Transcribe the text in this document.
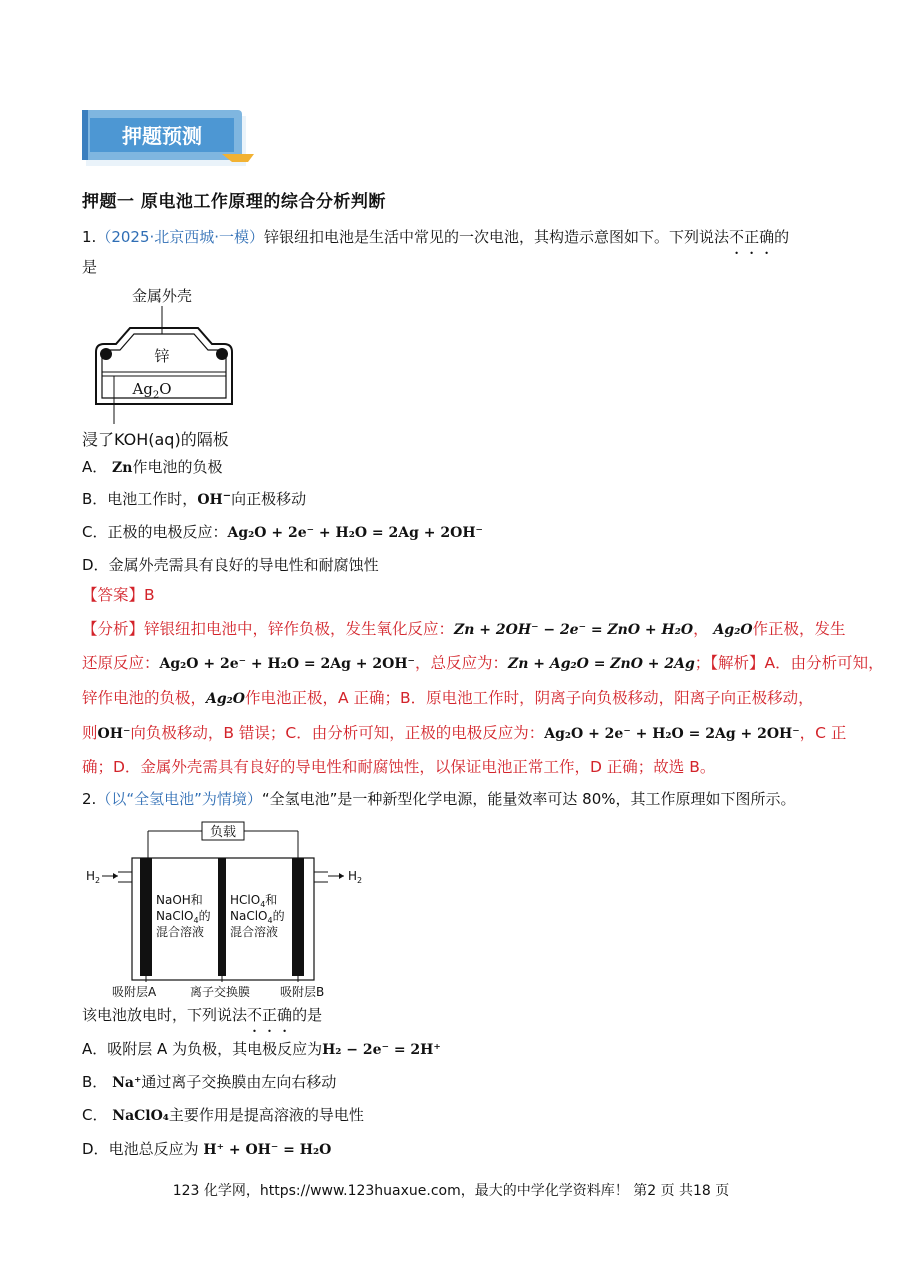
押题预测
押题一 原电池工作原理的综合分析判断
1.（2025·北京西城·一模）锌银纽扣电池是生活中常见的一次电池，其构造示意图如下。下列说法不正确的
是
金属外壳
锌
$Ag_2O$
浸了KOH(aq)的隔板
A． Zn作电池的负极
B．电池工作时，OH−向正极移动
C．正极的电极反应：Ag₂O + 2e⁻ + H₂O = 2Ag + 2OH⁻
D．金属外壳需具有良好的导电性和耐腐蚀性
【答案】B
【分析】锌银纽扣电池中，锌作负极，发生氧化反应：Zn + 2OH⁻ − 2e⁻ = ZnO + H₂O， Ag₂O作正极，发生
还原反应：Ag₂O + 2e⁻ + H₂O = 2Ag + 2OH⁻，总反应为：Zn + Ag₂O = ZnO + 2Ag；【解析】A．由分析可知，
锌作电池的负极，Ag₂O作电池正极，A 正确；B．原电池工作时，阴离子向负极移动，阳离子向正极移动，
则OH⁻向负极移动，B 错误；C．由分析可知，正极的电极反应为：Ag₂O + 2e⁻ + H₂O = 2Ag + 2OH⁻，C 正
确；D．金属外壳需具有良好的导电性和耐腐蚀性，以保证电池正常工作，D 正确；故选 B。
2.（以“全氢电池”为情境）“全氢电池”是一种新型化学电源，能量效率可达 80%，其工作原理如下图所示。
负载
$H_2$	$H_2$
NaOH和
NaClO$_4$的
混合溶液
HClO$_4$和
NaClO$_4$的
混合溶液
吸附层A	离子交换膜 吸附层B
该电池放电时，下列说法不正确的是
A．吸附层 A 为负极，其电极反应为H₂ − 2e⁻ = 2H⁺
B． Na⁺通过离子交换膜由左向右移动
C． NaClO₄主要作用是提高溶液的导电性
D．电池总反应为 H⁺ + OH⁻ = H₂O
123 化学网，https://www.123huaxue.com，最大的中学化学资料库！ 第2 页 共18 页
